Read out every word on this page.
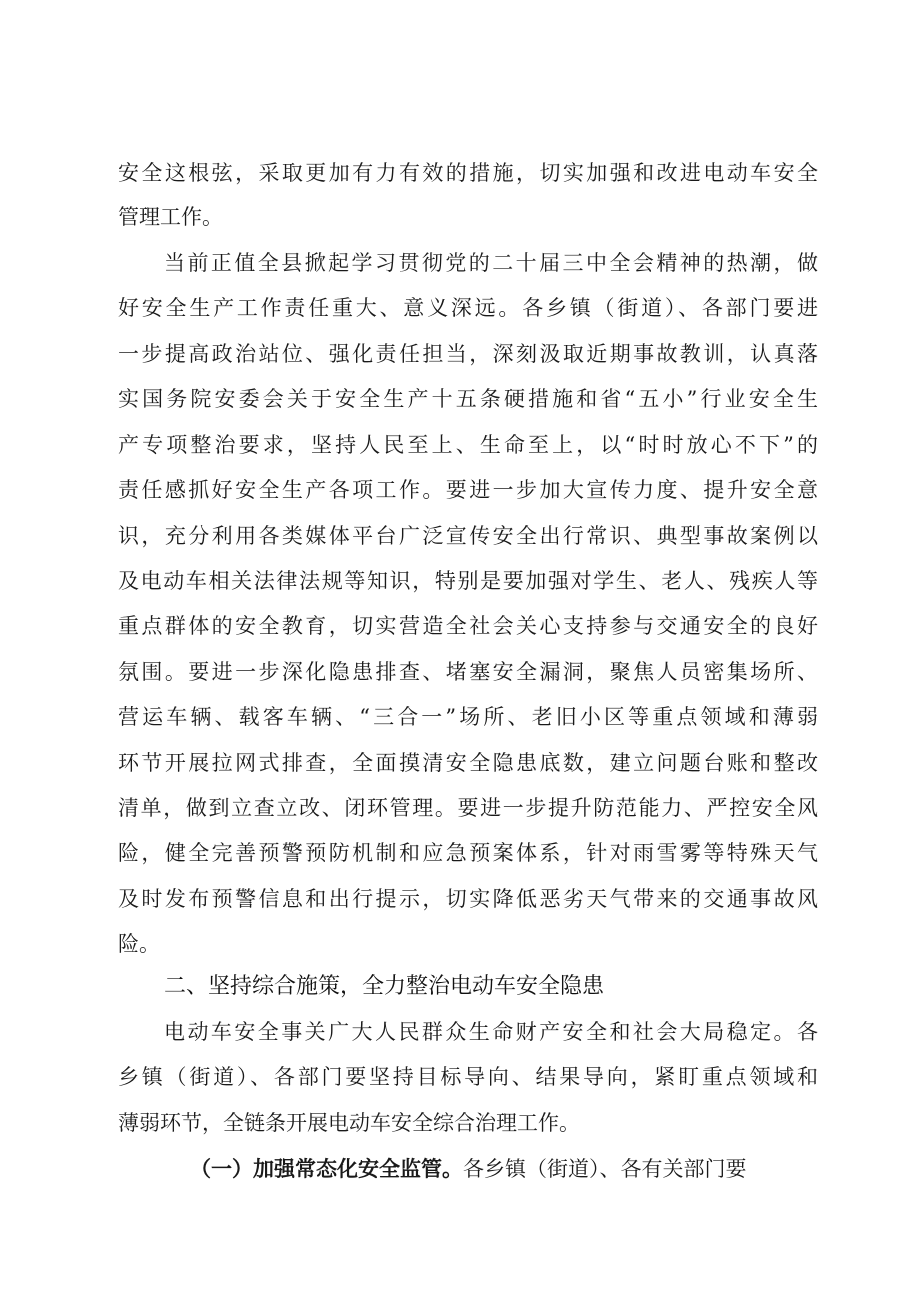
安全这根弦，采取更加有力有效的措施，切实加强和改进电动车安全
管理工作。
当前正值全县掀起学习贯彻党的二十届三中全会精神的热潮，做
好安全生产工作责任重大、意义深远。各乡镇（街道）、各部门要进
一步提高政治站位、强化责任担当，深刻汲取近期事故教训，认真落
实国务院安委会关于安全生产十五条硬措施和省“五小”行业安全生
产专项整治要求，坚持人民至上、生命至上，以“时时放心不下”的
责任感抓好安全生产各项工作。要进一步加大宣传力度、提升安全意
识，充分利用各类媒体平台广泛宣传安全出行常识、典型事故案例以
及电动车相关法律法规等知识，特别是要加强对学生、老人、残疾人等
重点群体的安全教育，切实营造全社会关心支持参与交通安全的良好
氛围。要进一步深化隐患排查、堵塞安全漏洞，聚焦人员密集场所、
营运车辆、载客车辆、“三合一”场所、老旧小区等重点领域和薄弱
环节开展拉网式排查，全面摸清安全隐患底数，建立问题台账和整改
清单，做到立查立改、闭环管理。要进一步提升防范能力、严控安全风
险，健全完善预警预防机制和应急预案体系，针对雨雪雾等特殊天气
及时发布预警信息和出行提示，切实降低恶劣天气带来的交通事故风
险。
二、坚持综合施策，全力整治电动车安全隐患
电动车安全事关广大人民群众生命财产安全和社会大局稳定。各
乡镇（街道）、各部门要坚持目标导向、结果导向，紧盯重点领域和
薄弱环节，全链条开展电动车安全综合治理工作。
（一）加强常态化安全监管。各乡镇（街道）、各有关部门要
